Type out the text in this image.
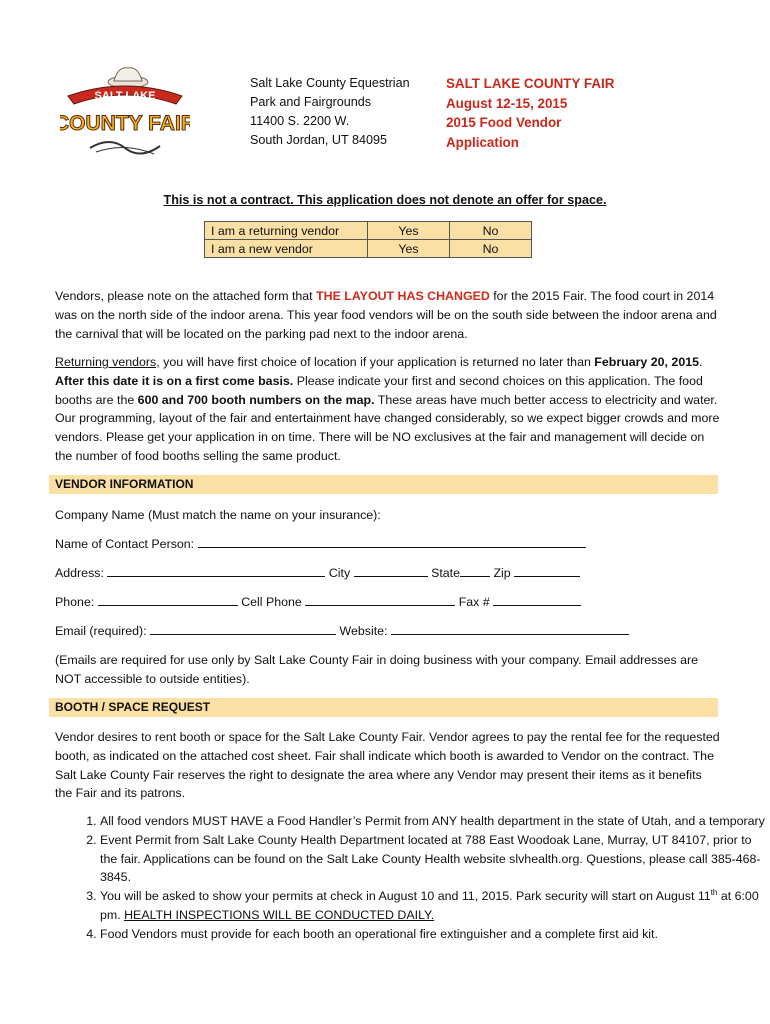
SALT LAKE
COUNTY FAIR
Salt Lake County Equestrian
Park and Fairgrounds
11400 S. 2200 W.
South Jordan, UT 84095
SALT LAKE COUNTY FAIR
August 12-15, 2015
2015 Food Vendor
Application
This is not a contract. This application does not denote an offer for space.
I am a returning vendor	Yes	No
I am a new vendor	Yes	No
Vendors, please note on the attached form that THE LAYOUT HAS CHANGED for the 2015 Fair. The food court in 2014 was on the north side of the indoor arena. This year food vendors will be on the south side between the indoor arena and the carnival that will be located on the parking pad next to the indoor arena.
Returning vendors, you will have first choice of location if your application is returned no later than February 20, 2015. After this date it is on a first come basis. Please indicate your first and second choices on this application. The food booths are the 600 and 700 booth numbers on the map. These areas have much better access to electricity and water. Our programming, layout of the fair and entertainment have changed considerably, so we expect bigger crowds and more vendors. Please get your application in on time. There will be NO exclusives at the fair and management will decide on the number of food booths selling the same product.
VENDOR INFORMATION
Company Name (Must match the name on your insurance):
Name of Contact Person:
Address:	City	State	Zip
Phone:	Cell Phone	Fax #
Email (required):	Website:
(Emails are required for use only by Salt Lake County Fair in doing business with your company. Email addresses are NOT accessible to outside entities).
BOOTH / SPACE REQUEST
Vendor desires to rent booth or space for the Salt Lake County Fair. Vendor agrees to pay the rental fee for the requested booth, as indicated on the attached cost sheet. Fair shall indicate which booth is awarded to Vendor on the contract. The Salt Lake County Fair reserves the right to designate the area where any Vendor may present their items as it benefits the Fair and its patrons.
1. All food vendors MUST HAVE a Food Handler’s Permit from ANY health department in the state of Utah, and a temporary
2. Event Permit from Salt Lake County Health Department located at 788 East Woodoak Lane, Murray, UT 84107, prior to the fair. Applications can be found on the Salt Lake County Health website slvhealth.org. Questions, please call 385-468-3845.
3. You will be asked to show your permits at check in August 10 and 11, 2015. Park security will start on August 11th at 6:00 pm. HEALTH INSPECTIONS WILL BE CONDUCTED DAILY.
4. Food Vendors must provide for each booth an operational fire extinguisher and a complete first aid kit.
